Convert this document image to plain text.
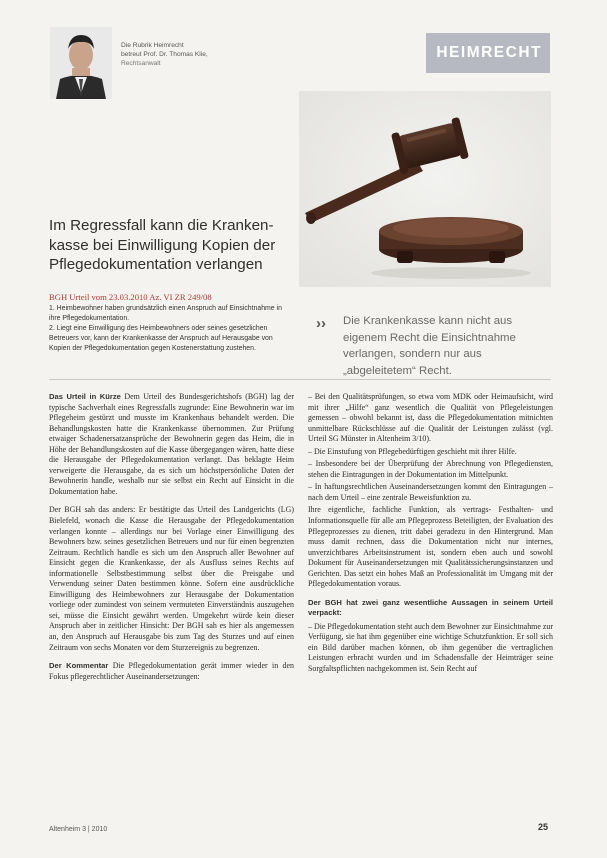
Die Rubrik Heimrecht
betreut Prof. Dr. Thomas Klie,
Rechtsanwalt
HEIMRECHT
Im Regressfall kann die Kranken-
kasse bei Einwilligung Kopien der
Pflegedokumentation verlangen
BGH Urteil vom 23.03.2010 Az. VI ZR 249/08

1. Heimbewohner haben grundsätzlich einen Anspruch auf Einsichtnahme in ihre Pflegedokumentation.

2. Liegt eine Einwilligung des Heimbewohners oder seines gesetzlichen Betreuers vor, kann der Krankenkasse der Anspruch auf Herausgabe von Kopien der Pflegedokumentation gegen Kostenerstattung zustehen.

›› Die Krankenkasse kann nicht aus eigenem Recht die Einsichtnahme verlangen, sondern nur aus „abgeleitetem“ Recht.

Das Urteil in Kürze Dem Urteil des Bundesgerichtshofs (BGH) lag der typische Sachverhalt eines Regressfalls zugrunde: Eine Bewohnerin war im Pflegeheim gestürzt und musste im Krankenhaus behandelt werden. Die Behandlungskosten hatte die Krankenkasse übernommen. Zur Prüfung etwaiger Schadenersatzansprüche der Bewohnerin gegen das Heim, die in Höhe der Behandlungskosten auf die Kasse übergegangen wären, hatte diese die Herausgabe der Pflegedokumentation verlangt. Das beklagte Heim verweigerte die Herausgabe, da es sich um höchstpersönliche Daten der Bewohnerin handle, weshalb nur sie selbst ein Recht auf Einsicht in die Dokumentation habe.

Der BGH sah das anders: Er bestätigte das Urteil des Landgerichts (LG) Bielefeld, wonach die Kasse die Herausgabe der Pflegedokumentation verlangen konnte – allerdings nur bei Vorlage einer Einwilligung des Bewohners bzw. seines gesetzlichen Betreuers und nur für einen begrenzten Zeitraum. Rechtlich handle es sich um den Anspruch aller Bewohner auf Einsicht gegen die Krankenkasse, der als Ausfluss seines Rechts auf informationelle Selbstbestimmung selbst über die Preisgabe und Verwendung seiner Daten bestimmen könne. Sofern eine ausdrückliche Einwilligung des Heimbewohners zur Herausgabe der Dokumentation vorliege oder zumindest von seinem vermuteten Einverständnis auszugehen sei, müsse die Einsicht gewährt werden. Umgekehrt würde kein dieser Anspruch aber in zeitlicher Hinsicht: Der BGH sah es hier als angemessen an, den Anspruch auf Herausgabe bis zum Tag des Sturzes und auf einen Zeitraum von sechs Monaten vor dem Sturzereignis zu begrenzen.

Der Kommentar Die Pflegedokumentation gerät immer wieder in den Fokus pflegerechtlicher Auseinandersetzungen:

– Bei den Qualitätsprüfungen, so etwa vom MDK oder Heimaufsicht, wird mit ihrer „Hilfe“ ganz wesentlich die Qualität von Pflegeleistungen gemessen – obwohl bekannt ist, dass die Pflegedokumentation mitnichten unmittelbare Rückschlüsse auf die Qualität der Leistungen zulässt (vgl. Urteil SG Münster in Altenheim 3/10).

– Die Einstufung von Pflegebedürftigen geschieht mit ihrer Hilfe.

– Insbesondere bei der Überprüfung der Abrechnung von Pflegediensten, stehen die Eintragungen in der Dokumentation im Mittelpunkt.

– In haftungsrechtlichen Auseinandersetzungen kommt den Eintragungen – nach dem Urteil – eine zentrale Beweisfunktion zu.

Ihre eigentliche, fachliche Funktion, als vertrags- Festhalten- und Informationsquelle für alle am Pflegeprozess Beteiligten, der Evaluation des Pflegeprozesses zu dienen, tritt dabei geradezu in den Hintergrund. Man muss damit rechnen, dass die Dokumentation nicht nur internes, unverzichtbares Arbeitsinstrument ist, sondern eben auch und sowohl Dokument für Auseinandersetzungen mit Qualitätssicherungsinstanzen und Gerichten. Das setzt ein hohes Maß an Professionalität im Umgang mit der Pflegedokumentation voraus.

Der BGH hat zwei ganz wesentliche Aussagen in seinem Urteil verpackt:

– Die Pflegedokumentation steht auch dem Bewohner zur Einsichtnahme zur Verfügung, sie hat ihm gegenüber eine wichtige Schutzfunktion. Er soll sich ein Bild darüber machen können, ob ihm gegenüber die vertraglichen Leistungen erbracht wurden und im Schadensfalle der Heimträger seine Sorgfaltspflichten nachgekommen ist. Sein Recht auf

Altenheim 3 | 2010	25
